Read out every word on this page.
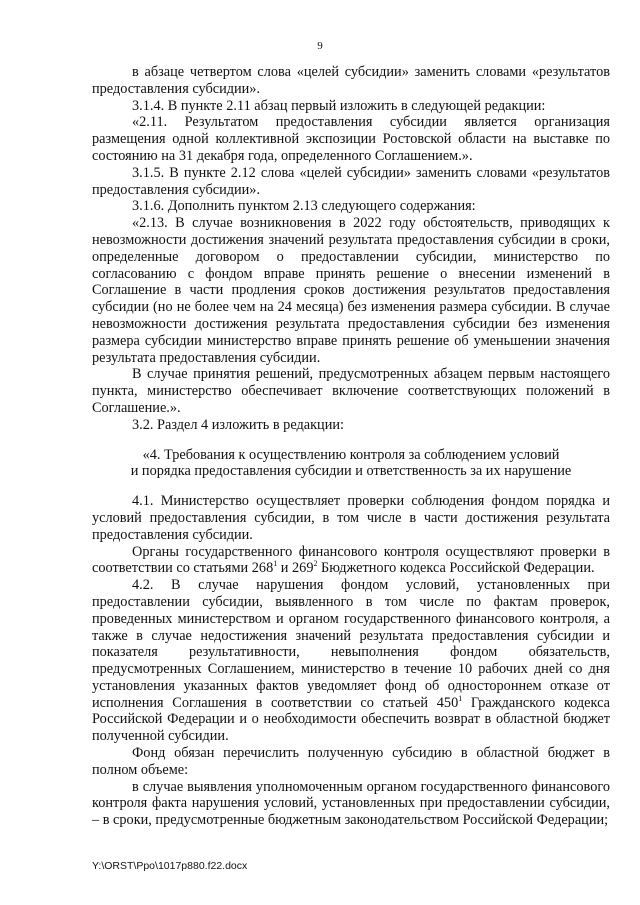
9

в абзаце четвертом слова «целей субсидии» заменить словами «результатов предоставления субсидии».

3.1.4. В пункте 2.11 абзац первый изложить в следующей редакции:

«2.11. Результатом предоставления субсидии является организация размещения одной коллективной экспозиции Ростовской области на выставке по состоянию на 31 декабря года, определенного Соглашением.».

3.1.5. В пункте 2.12 слова «целей субсидии» заменить словами «результатов предоставления субсидии».

3.1.6. Дополнить пунктом 2.13 следующего содержания:

«2.13. В случае возникновения в 2022 году обстоятельств, приводящих к невозможности достижения значений результата предоставления субсидии в сроки, определенные договором о предоставлении субсидии, министерство по согласованию с фондом вправе принять решение о внесении изменений в Соглашение в части продления сроков достижения результатов предоставления субсидии (но не более чем на 24 месяца) без изменения размера субсидии. В случае невозможности достижения результата предоставления субсидии без изменения размера субсидии министерство вправе принять решение об уменьшении значения результата предоставления субсидии.

В случае принятия решений, предусмотренных абзацем первым настоящего пункта, министерство обеспечивает включение соответствующих положений в Соглашение.».

3.2. Раздел 4 изложить в редакции:

«4. Требования к осуществлению контроля за соблюдением условий
и порядка предоставления субсидии и ответственность за их нарушение

4.1. Министерство осуществляет проверки соблюдения фондом порядка и условий предоставления субсидии, в том числе в части достижения результата предоставления субсидии.

Органы государственного финансового контроля осуществляют проверки в соответствии со статьями $268^1$ и $269^2$ Бюджетного кодекса Российской Федерации.

4.2. В случае нарушения фондом условий, установленных при предоставлении субсидии, выявленного в том числе по фактам проверок, проведенных министерством и органом государственного финансового контроля, а также в случае недостижения значений результата предоставления субсидии и показателя результативности, невыполнения фондом обязательств, предусмотренных Соглашением, министерство в течение 10 рабочих дней со дня установления указанных фактов уведомляет фонд об одностороннем отказе от исполнения Соглашения в соответствии со статьей $450^1$ Гражданского кодекса Российской Федерации и о необходимости обеспечить возврат в областной бюджет полученной субсидии.

Фонд обязан перечислить полученную субсидию в областной бюджет в полном объеме:

в случае выявления уполномоченным органом государственного финансового контроля факта нарушения условий, установленных при предоставлении субсидии, – в сроки, предусмотренные бюджетным законодательством Российской Федерации;

Y:\ORST\Ppo\1017p880.f22.docx
